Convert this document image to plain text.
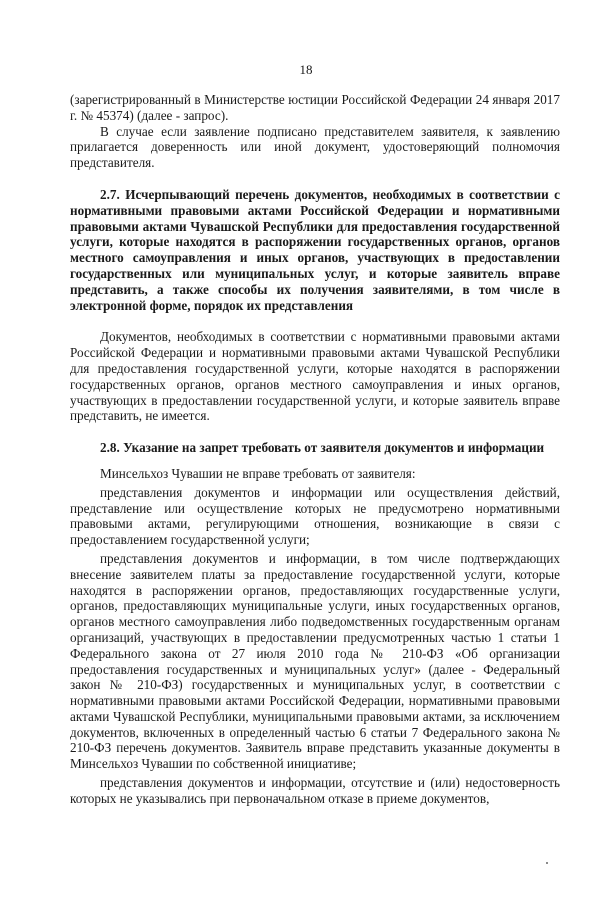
18

(зарегистрированный в Министерстве юстиции Российской Федерации 24 января 2017 г. № 45374) (далее - запрос).

В случае если заявление подписано представителем заявителя, к заявлению прилагается доверенность или иной документ, удостоверяющий полномочия представителя.

2.7. Исчерпывающий перечень документов, необходимых в соответствии с нормативными правовыми актами Российской Федерации и нормативными правовыми актами Чувашской Республики для предоставления государственной услуги, которые находятся в распоряжении государственных органов, органов местного самоуправления и иных органов, участвующих в предоставлении государственных или муниципальных услуг, и которые заявитель вправе представить, а также способы их получения заявителями, в том числе в электронной форме, порядок их представления

Документов, необходимых в соответствии с нормативными правовыми актами Российской Федерации и нормативными правовыми актами Чувашской Республики для предоставления государственной услуги, которые находятся в распоряжении государственных органов, органов местного самоуправления и иных органов, участвующих в предоставлении государственной услуги, и которые заявитель вправе представить, не имеется.

2.8. Указание на запрет требовать от заявителя документов и информации

Минсельхоз Чувашии не вправе требовать от заявителя:

представления документов и информации или осуществления действий, представление или осуществление которых не предусмотрено нормативными правовыми актами, регулирующими отношения, возникающие в связи с предоставлением государственной услуги;

представления документов и информации, в том числе подтверждающих внесение заявителем платы за предоставление государственной услуги, которые находятся в распоряжении органов, предоставляющих государственные услуги, органов, предоставляющих муниципальные услуги, иных государственных органов, органов местного самоуправления либо подведомственных государственным органам организаций, участвующих в предоставлении предусмотренных частью 1 статьи 1 Федерального закона от 27 июля 2010 года № 210-ФЗ «Об организации предоставления государственных и муниципальных услуг» (далее - Федеральный закон № 210-ФЗ) государственных и муниципальных услуг, в соответствии с нормативными правовыми актами Российской Федерации, нормативными правовыми актами Чувашской Республики, муниципальными правовыми актами, за исключением документов, включенных в определенный частью 6 статьи 7 Федерального закона № 210-ФЗ перечень документов. Заявитель вправе представить указанные документы в Минсельхоз Чувашии по собственной инициативе;

представления документов и информации, отсутствие и (или) недостоверность которых не указывались при первоначальном отказе в приеме документов,
